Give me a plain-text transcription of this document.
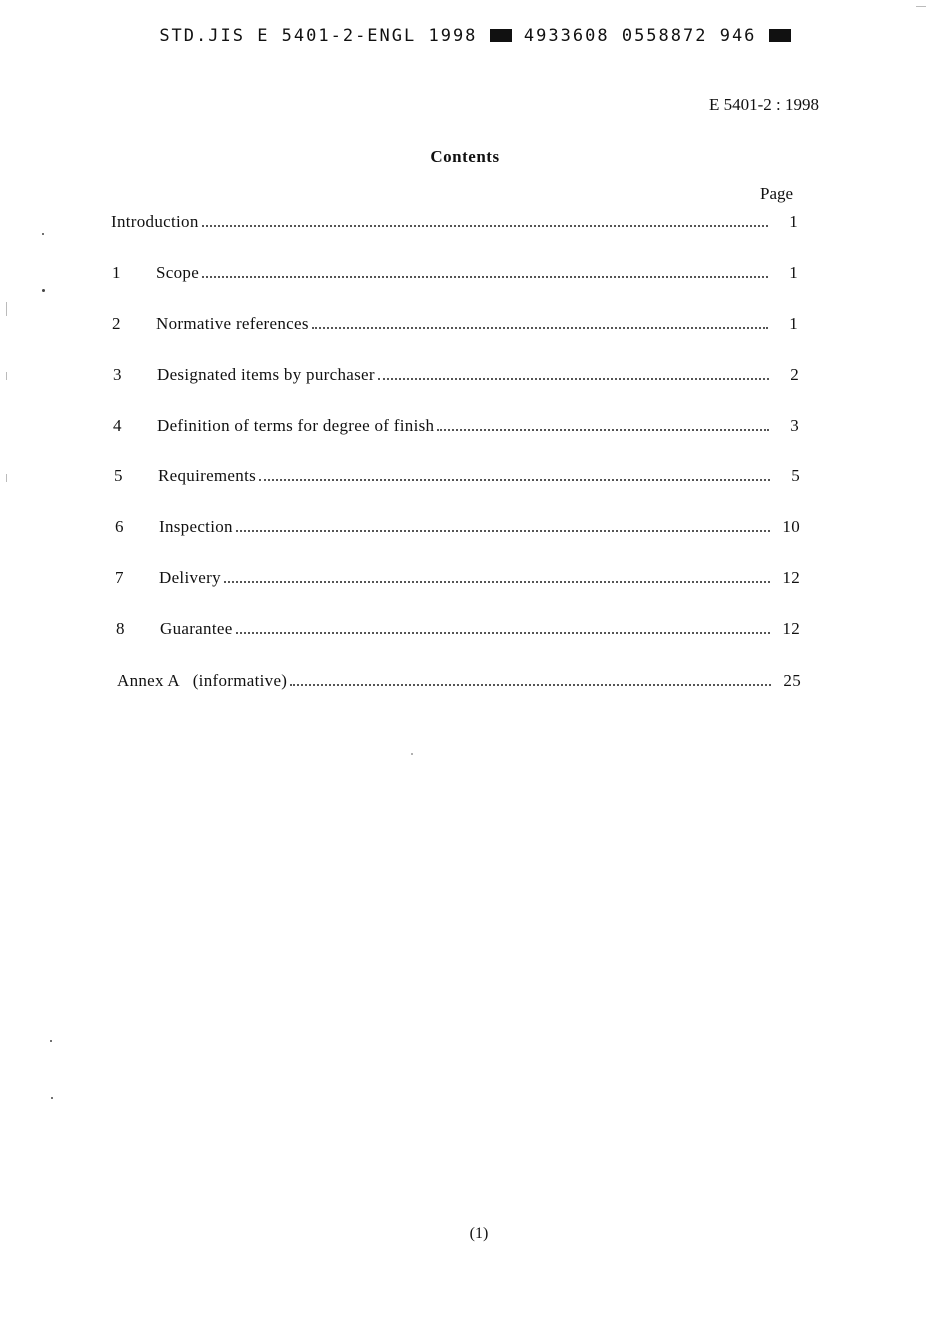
STD.JIS E 5401-2-ENGL 1998	4933608 0558872 946
E 5401-2 : 1998
Contents
Page
Introduction	1
1	Scope	1
2	Normative references	1
3	Designated items by purchaser	2
4	Definition of terms for degree of finish	3
5	Requirements	5
6	Inspection	10
7	Delivery	12
8	Guarantee	12
Annex A   (informative)	25
(1)
